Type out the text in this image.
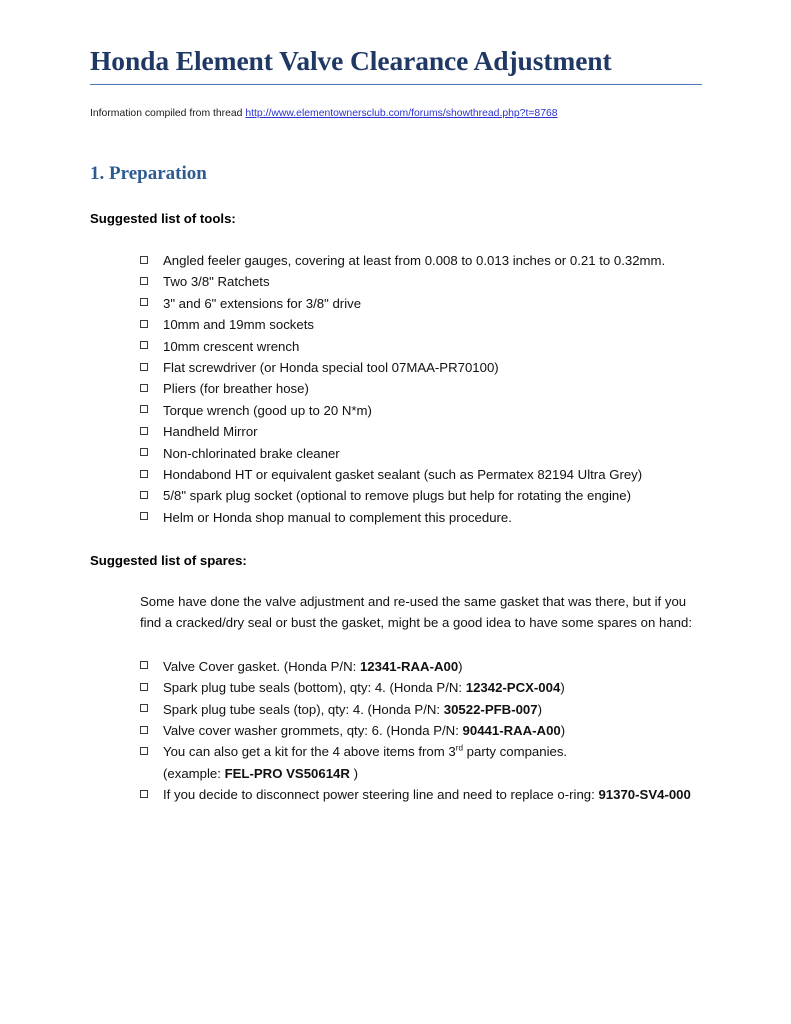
Honda Element Valve Clearance Adjustment

Information compiled from thread http://www.elementownersclub.com/forums/showthread.php?t=8768

1. Preparation

Suggested list of tools:

Angled feeler gauges, covering at least from 0.008 to 0.013 inches or 0.21 to 0.32mm.
Two 3/8" Ratchets
3" and 6" extensions for 3/8" drive
10mm and 19mm sockets
10mm crescent wrench
Flat screwdriver (or Honda special tool 07MAA-PR70100)
Pliers (for breather hose)
Torque wrench (good up to 20 N*m)
Handheld Mirror
Non-chlorinated brake cleaner
Hondabond HT or equivalent gasket sealant (such as Permatex 82194 Ultra Grey)
5/8" spark plug socket (optional to remove plugs but help for rotating the engine)
Helm or Honda shop manual to complement this procedure.

Suggested list of spares:

Some have done the valve adjustment and re-used the same gasket that was there, but if you find a cracked/dry seal or bust the gasket, might be a good idea to have some spares on hand:

Valve Cover gasket. (Honda P/N: 12341-RAA-A00)
Spark plug tube seals (bottom), qty: 4. (Honda P/N: 12342-PCX-004)
Spark plug tube seals (top), qty: 4. (Honda P/N: 30522-PFB-007)
Valve cover washer grommets, qty: 6. (Honda P/N: 90441-RAA-A00)
You can also get a kit for the 4 above items from 3rd party companies.
(example: FEL-PRO VS50614R )
If you decide to disconnect power steering line and need to replace o-ring: 91370-SV4-000
